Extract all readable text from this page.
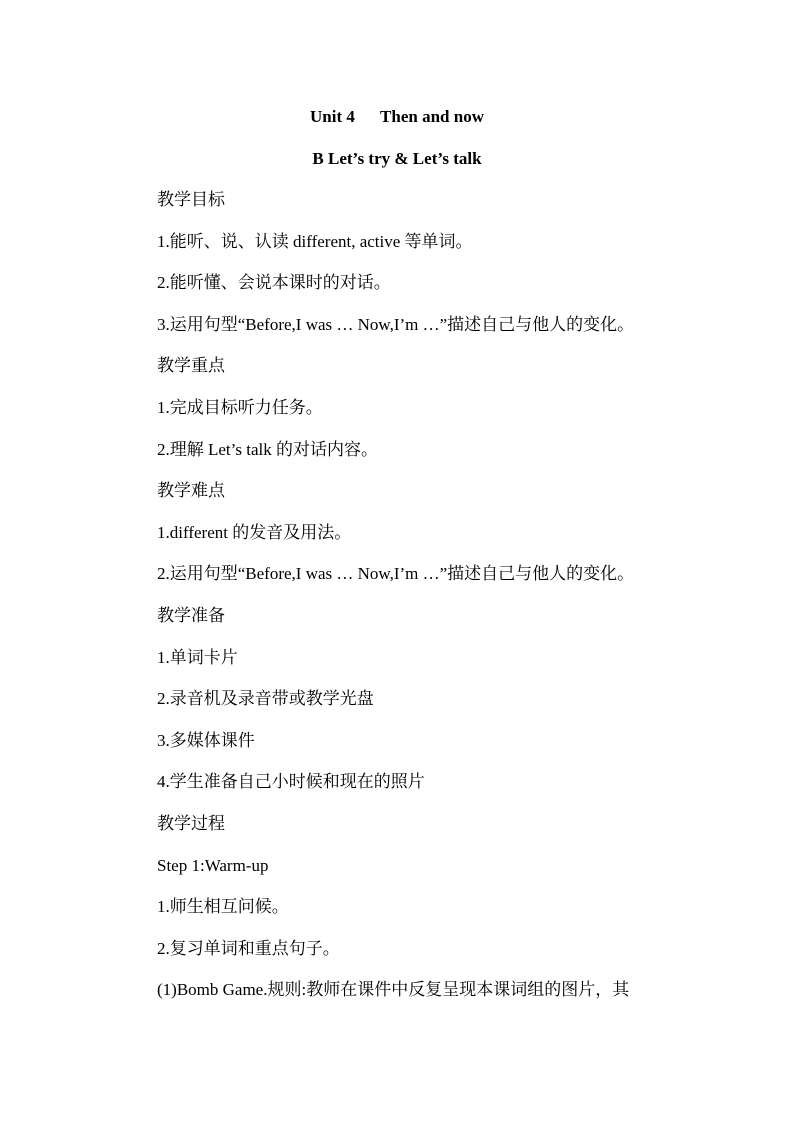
Unit 4      Then and now
B Let’s try & Let’s talk
教学目标
1.能听、说、认读 different, active 等单词。
2.能听懂、会说本课时的对话。
3.运用句型“Before,I was … Now,I’m …”描述自己与他人的变化。
教学重点
1.完成目标听力任务。
2.理解 Let’s talk 的对话内容。
教学难点
1.different 的发音及用法。
2.运用句型“Before,I was … Now,I’m …”描述自己与他人的变化。
教学准备
1.单词卡片
2.录音机及录音带或教学光盘
3.多媒体课件
4.学生准备自己小时候和现在的照片
教学过程
Step 1:Warm-up
1.师生相互问候。
2.复习单词和重点句子。
(1)Bomb Game.规则:教师在课件中反复呈现本课词组的图片，其
